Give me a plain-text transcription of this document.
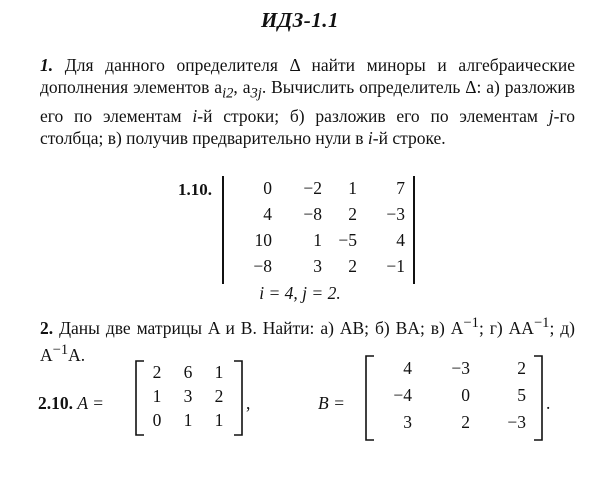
ИДЗ-1.1
1. Для данного определителя Δ найти миноры и алгебраические дополнения элементов $a_{i2}$, $a_{3j}$. Вычислить определитель Δ: а) разложив его по элементам i-й строки; б) разложив его по элементам j-го столбца; в) получив предварительно нули в i-й строке.
1.10.	0	−2	1	7
4	−8	2	−3
10	1 −5	4
−8	3	2	−1
i = 4, j = 2.
2. Даны две матрицы A и B. Найти: а) AB; б) BA; в) $A^{-1}$; г) $AA^{-1}$; д) $A^{-1}A$.
2.10. A =
2	6	1
1	3	2
0	1	1
,	B =
4	−3	2
−4	0	5
3	2	−3
.
